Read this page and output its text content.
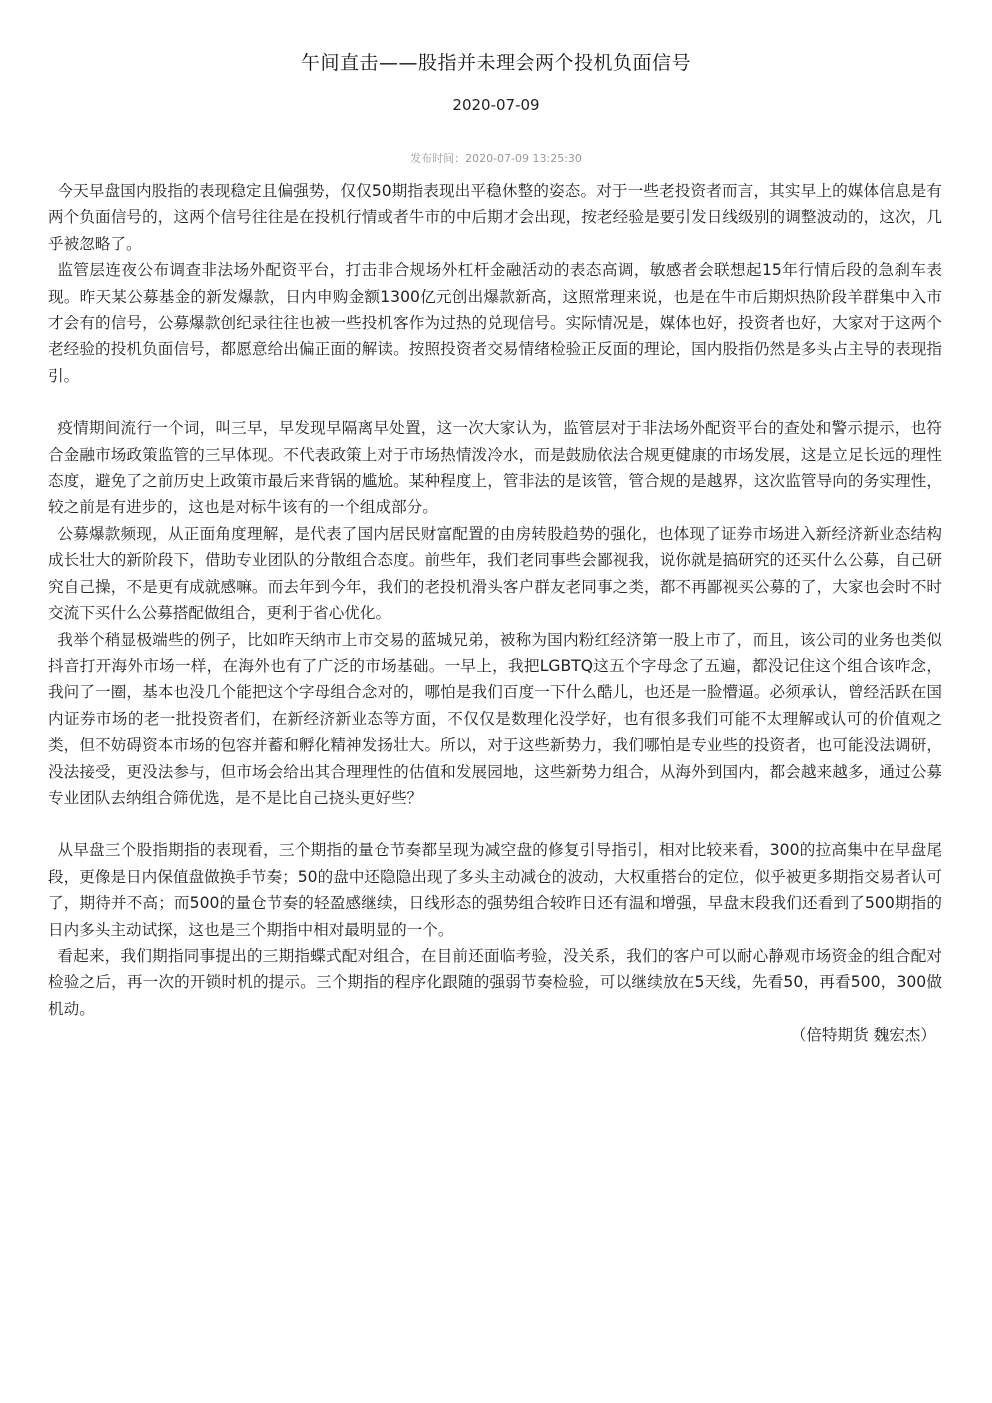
午间直击——股指并未理会两个投机负面信号
2020-07-09
发布时间：2020-07-09 13:25:30

今天早盘国内股指的表现稳定且偏强势，仅仅50期指表现出平稳休整的姿态。对于一些老投资者而言，其实早上的媒体信息是有两个负面信号的，这两个信号往往是在投机行情或者牛市的中后期才会出现，按老经验是要引发日线级别的调整波动的，这次，几乎被忽略了。

监管层连夜公布调查非法场外配资平台，打击非合规场外杠杆金融活动的表态高调，敏感者会联想起15年行情后段的急刹车表现。昨天某公募基金的新发爆款，日内申购金额1300亿元创出爆款新高，这照常理来说，也是在牛市后期炽热阶段羊群集中入市才会有的信号，公募爆款创纪录往往也被一些投机客作为过热的兑现信号。实际情况是，媒体也好，投资者也好，大家对于这两个老经验的投机负面信号，都愿意给出偏正面的解读。按照投资者交易情绪检验正反面的理论，国内股指仍然是多头占主导的表现指引。

疫情期间流行一个词，叫三早，早发现早隔离早处置，这一次大家认为，监管层对于非法场外配资平台的查处和警示提示，也符合金融市场政策监管的三早体现。不代表政策上对于市场热情泼冷水，而是鼓励依法合规更健康的市场发展，这是立足长远的理性态度，避免了之前历史上政策市最后来背锅的尴尬。某种程度上，管非法的是该管，管合规的是越界，这次监管导向的务实理性，较之前是有进步的，这也是对标牛该有的一个组成部分。

公募爆款频现，从正面角度理解，是代表了国内居民财富配置的由房转股趋势的强化，也体现了证券市场进入新经济新业态结构成长壮大的新阶段下，借助专业团队的分散组合态度。前些年，我们老同事些会鄙视我，说你就是搞研究的还买什么公募，自己研究自己操，不是更有成就感嘛。而去年到今年，我们的老投机滑头客户群友老同事之类，都不再鄙视买公募的了，大家也会时不时交流下买什么公募搭配做组合，更利于省心优化。

我举个稍显极端些的例子，比如昨天纳市上市交易的蓝城兄弟，被称为国内粉红经济第一股上市了，而且，该公司的业务也类似抖音打开海外市场一样，在海外也有了广泛的市场基础。一早上，我把LGBTQ这五个字母念了五遍，都没记住这个组合该咋念，我问了一圈，基本也没几个能把这个字母组合念对的，哪怕是我们百度一下什么酷儿，也还是一脸懵逼。必须承认，曾经活跃在国内证券市场的老一批投资者们，在新经济新业态等方面，不仅仅是数理化没学好，也有很多我们可能不太理解或认可的价值观之类，但不妨碍资本市场的包容并蓄和孵化精神发扬壮大。所以，对于这些新势力，我们哪怕是专业些的投资者，也可能没法调研，没法接受，更没法参与，但市场会给出其合理理性的估值和发展园地，这些新势力组合，从海外到国内，都会越来越多，通过公募专业团队去纳组合筛优选，是不是比自己挠头更好些？

从早盘三个股指期指的表现看，三个期指的量仓节奏都呈现为减空盘的修复引导指引，相对比较来看，300的拉高集中在早盘尾段，更像是日内保值盘做换手节奏；50的盘中还隐隐出现了多头主动减仓的波动，大权重搭台的定位，似乎被更多期指交易者认可了，期待并不高；而500的量仓节奏的轻盈感继续，日线形态的强势组合较昨日还有温和增强，早盘末段我们还看到了500期指的日内多头主动试探，这也是三个期指中相对最明显的一个。

看起来，我们期指同事提出的三期指蝶式配对组合，在目前还面临考验，没关系，我们的客户可以耐心静观市场资金的组合配对检验之后，再一次的开锁时机的提示。三个期指的程序化跟随的强弱节奏检验，可以继续放在5天线，先看50，再看500，300做机动。

（倍特期货 魏宏杰）
